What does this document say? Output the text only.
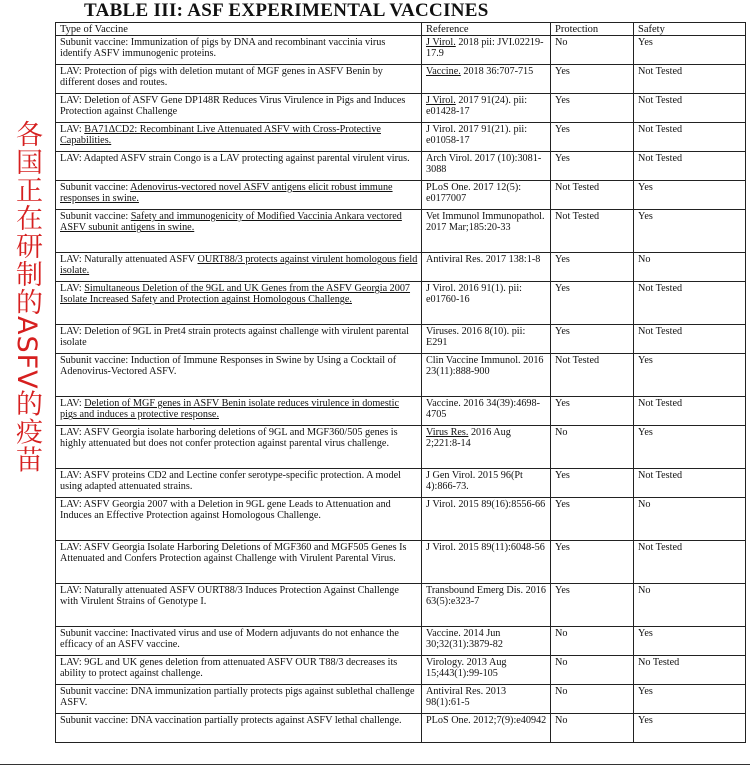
TABLE III: ASF EXPERIMENTAL VACCINES
各国正在研制的ASFV的疫苗
Type of Vaccine	Reference	Protection	Safety
Subunit vaccine: Immunization of pigs by DNA and recombinant vaccinia virus identify ASFV immunogenic proteins.	J Virol. 2018 pii: JVI.02219-17.9	No	Yes
LAV: Protection of pigs with deletion mutant of MGF genes in ASFV Benin by different doses and routes.	Vaccine. 2018 36:707-715	Yes	Not Tested
LAV: Deletion of ASFV Gene DP148R Reduces Virus Virulence in Pigs and Induces Protection against Challenge	J Virol. 2017 91(24). pii: e01428-17	Yes	Not Tested
LAV: BA71ΔCD2: Recombinant Live Attenuated ASFV with Cross-Protective Capabilities.	J Virol. 2017 91(21). pii: e01058-17	Yes	Not Tested
LAV: Adapted ASFV strain Congo is a LAV protecting against parental virulent virus.	Arch Virol. 2017 (10):3081-3088	Yes	Not Tested
Subunit vaccine: Adenovirus-vectored novel ASFV antigens elicit robust immune responses in swine.	PLoS One. 2017 12(5): e0177007	Not Tested	Yes
Subunit vaccine: Safety and immunogenicity of Modified Vaccinia Ankara vectored ASFV subunit antigens in swine.	Vet Immunol Immunopathol. 2017 Mar;185:20-33	Not Tested	Yes
LAV: Naturally attenuated ASFV OURT88/3 protects against virulent homologous field isolate.	Antiviral Res. 2017 138:1-8	Yes	No
LAV: Simultaneous Deletion of the 9GL and UK Genes from the ASFV Georgia 2007 Isolate Increased Safety and Protection against Homologous Challenge.	J Virol. 2016 91(1). pii: e01760-16	Yes	Not Tested
LAV: Deletion of 9GL in Pret4 strain protects against challenge with virulent parental isolate	Viruses. 2016 8(10). pii: E291	Yes	Not Tested
Subunit vaccine: Induction of Immune Responses in Swine by Using a Cocktail of Adenovirus-Vectored ASFV.	Clin Vaccine Immunol. 2016 23(11):888-900	Not Tested	Yes
LAV: Deletion of MGF genes in ASFV Benin isolate reduces virulence in domestic pigs and induces a protective response.	Vaccine. 2016 34(39):4698-4705	Yes	Not Tested
LAV: ASFV Georgia isolate harboring deletions of 9GL and MGF360/505 genes is highly attenuated but does not confer protection against parental virus challenge.	Virus Res. 2016 Aug 2;221:8-14	No	Yes
LAV: ASFV proteins CD2 and Lectine confer serotype-specific protection. A model using adapted attenuated strains.	J Gen Virol. 2015 96(Pt 4):866-73.	Yes	Not Tested
LAV: ASFV Georgia 2007 with a Deletion in 9GL gene Leads to Attenuation and Induces an Effective Protection against Homologous Challenge.	J Virol. 2015 89(16):8556-66	Yes	No
LAV: ASFV Georgia Isolate Harboring Deletions of MGF360 and MGF505 Genes Is Attenuated and Confers Protection against Challenge with Virulent Parental Virus.	J Virol. 2015 89(11):6048-56	Yes	Not Tested
LAV: Naturally attenuated ASFV OURT88/3 Induces Protection Against Challenge with Virulent Strains of Genotype I.	Transbound Emerg Dis. 2016 63(5):e323-7	Yes	No
Subunit vaccine: Inactivated virus and use of Modern adjuvants do not enhance the efficacy of an ASFV vaccine.	Vaccine. 2014 Jun 30;32(31):3879-82	No	Yes
LAV: 9GL and UK genes deletion from attenuated ASFV OUR T88/3 decreases its ability to protect against challenge.	Virology. 2013 Aug 15;443(1):99-105	No	No Tested
Subunit vaccine: DNA immunization partially protects pigs against sublethal challenge ASFV.	Antiviral Res. 2013 98(1):61-5	No	Yes
Subunit vaccine: DNA vaccination partially protects against ASFV lethal challenge.	PLoS One. 2012;7(9):e40942	No	Yes
